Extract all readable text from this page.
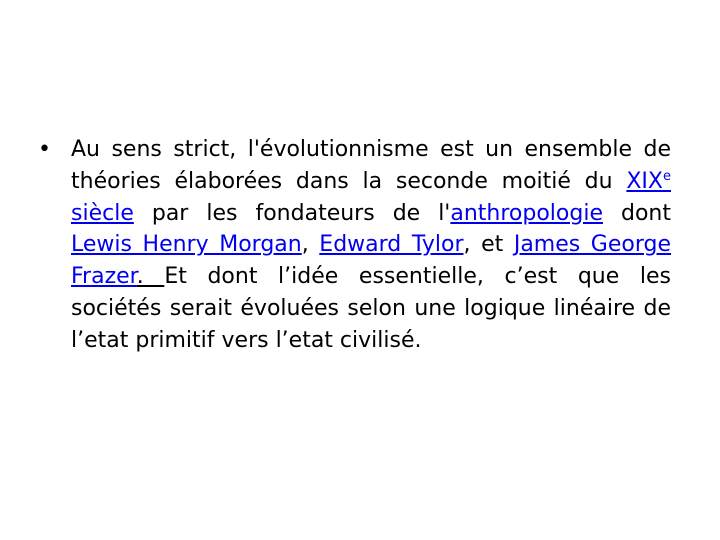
• Au sens strict, l'évolutionnisme est un ensemble de théories élaborées dans la seconde moitié du XIXe siècle par les fondateurs de l'anthropologie dont Lewis Henry Morgan, Edward Tylor, et James George Frazer. Et dont l’idée essentielle, c’est que les sociétés serait évoluées selon une logique linéaire de l’etat primitif vers l’etat civilisé.
